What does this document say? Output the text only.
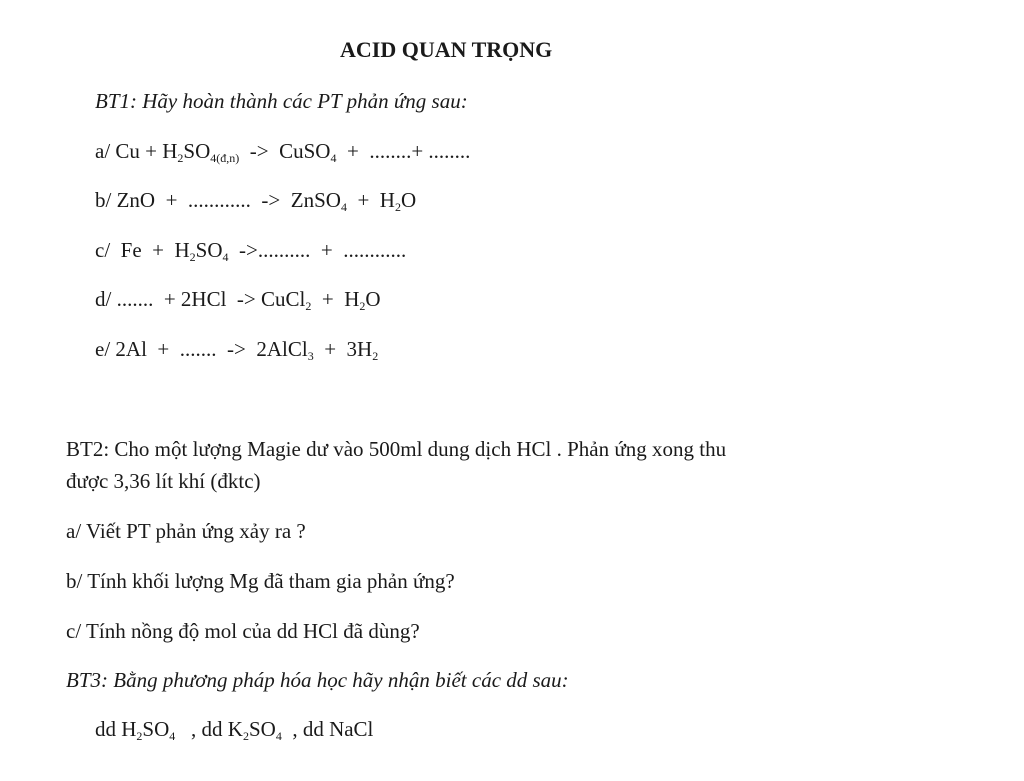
ACID QUAN TRỌNG
BT1: Hãy hoàn thành các PT phản ứng sau:
a/ $Cu + H_2SO_{4(đ,n)}$  ->  CuSO$_4$  +  ........+ ........
b/ ZnO  +  ............  ->  ZnSO$_4$  +  $H_2O$
c/  $Fe + H_2SO_4$  ->..........  +  ............
d/ .......  + 2HCl  -> CuCl$_2$  +  $H_2O$
e/ 2Al  +  .......  ->  2AlCl$_3$  +  $3H_2$
BT2: Cho một lượng Magie dư vào 500ml dung dịch HCl . Phản ứng xong thu
được 3,36 lít khí (đktc)
a/ Viết PT phản ứng xảy ra ?
b/ Tính khối lượng Mg đã tham gia phản ứng?
c/ Tính nồng độ mol của dd HCl đã dùng?
BT3: Bằng phương pháp hóa học hãy nhận biết các dd sau:
dd $H_2SO_4$   , dd $K_2SO_4$  , dd NaCl
